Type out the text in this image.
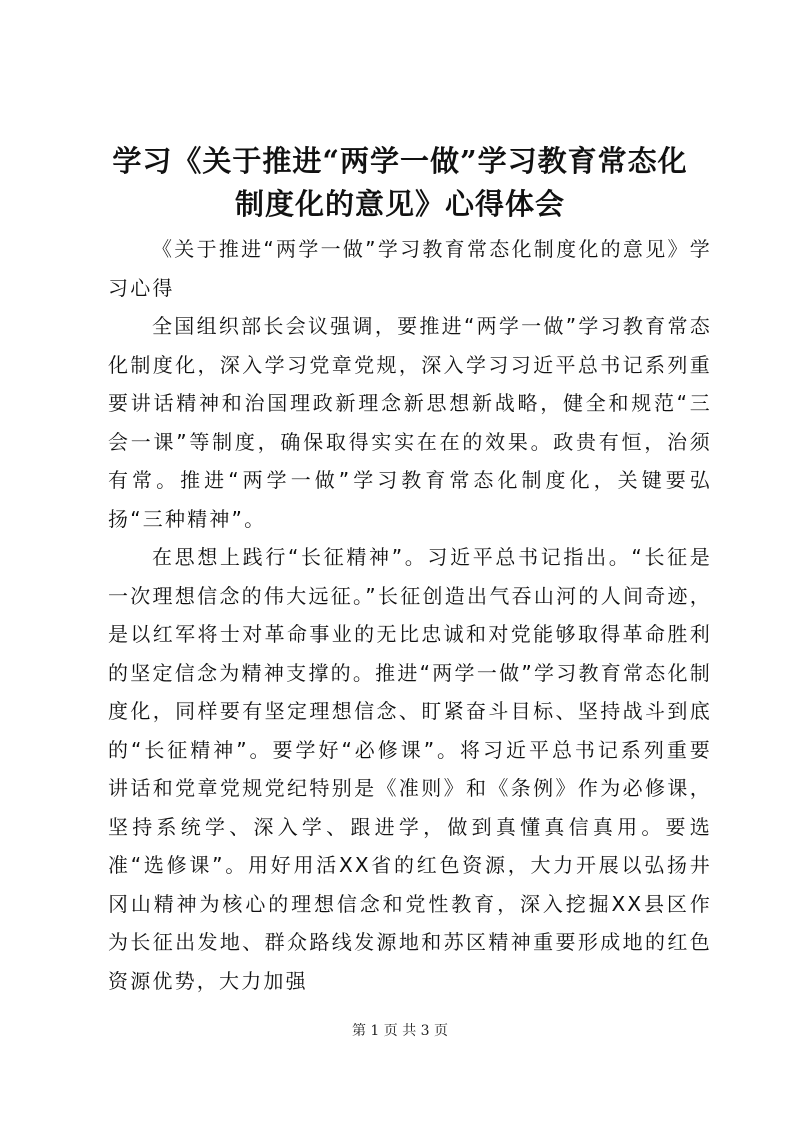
学习《关于推进“两学一做”学习教育常态化
制度化的意见》心得体会

《关于推进“两学一做”学习教育常态化制度化的意见》学习心得

全国组织部长会议强调，要推进“两学一做”学习教育常态化制度化，深入学习党章党规，深入学习习近平总书记系列重要讲话精神和治国理政新理念新思想新战略，健全和规范“三会一课”等制度，确保取得实实在在的效果。政贵有恒，治须有常。推进“两学一做”学习教育常态化制度化，关键要弘扬“三种精神”。

在思想上践行“长征精神”。习近平总书记指出。“长征是一次理想信念的伟大远征。”长征创造出气吞山河的人间奇迹，是以红军将士对革命事业的无比忠诚和对党能够取得革命胜利的坚定信念为精神支撑的。推进“两学一做”学习教育常态化制度化，同样要有坚定理想信念、盯紧奋斗目标、坚持战斗到底的“长征精神”。要学好“必修课”。将习近平总书记系列重要讲话和党章党规党纪特别是《准则》和《条例》作为必修课，坚持系统学、深入学、跟进学，做到真懂真信真用。要选准“选修课”。用好用活XX省的红色资源，大力开展以弘扬井冈山精神为核心的理想信念和党性教育，深入挖掘XX县区作为长征出发地、群众路线发源地和苏区精神重要形成地的红色资源优势，大力加强

第 1 页 共 3 页
